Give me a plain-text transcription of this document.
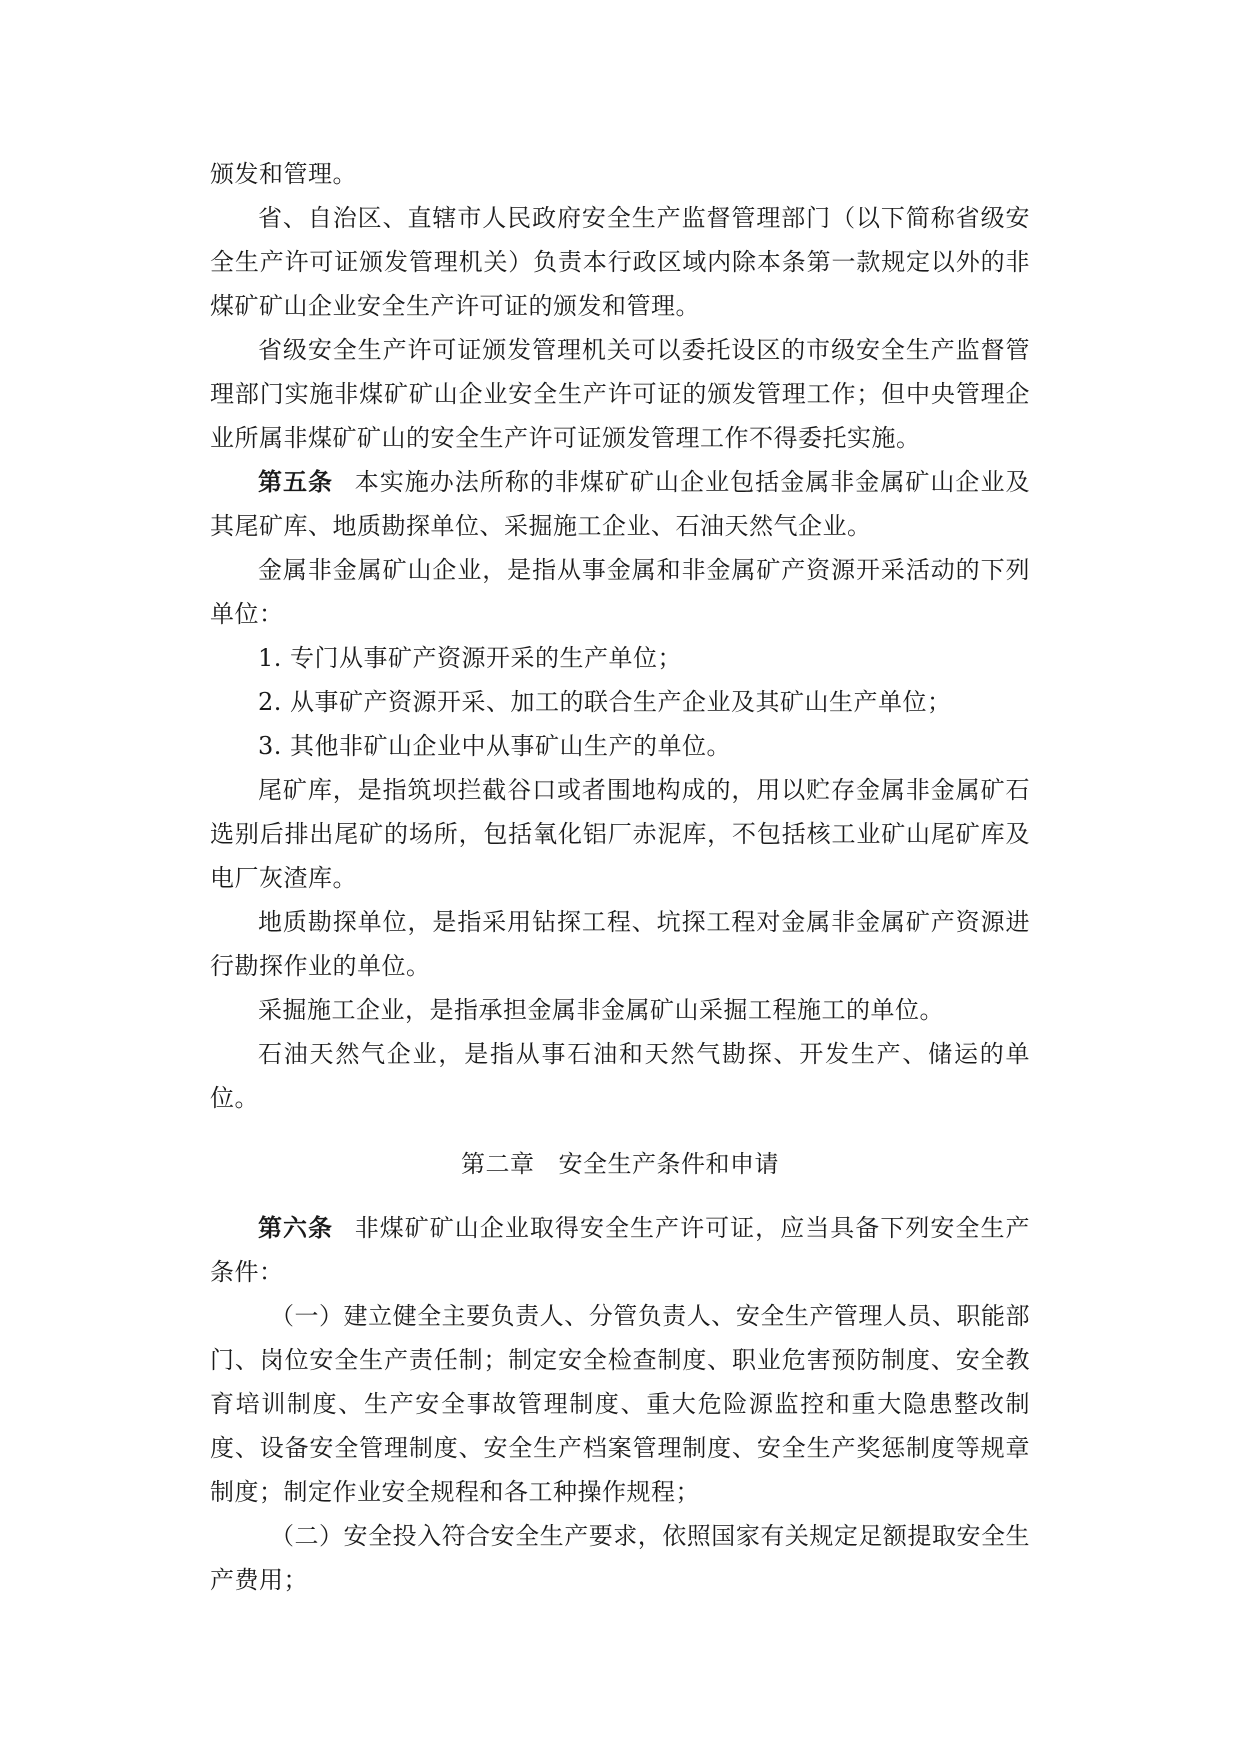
颁发和管理。

省、自治区、直辖市人民政府安全生产监督管理部门（以下简称省级安全生产许可证颁发管理机关）负责本行政区域内除本条第一款规定以外的非煤矿矿山企业安全生产许可证的颁发和管理。

省级安全生产许可证颁发管理机关可以委托设区的市级安全生产监督管理部门实施非煤矿矿山企业安全生产许可证的颁发管理工作；但中央管理企业所属非煤矿矿山的安全生产许可证颁发管理工作不得委托实施。

第五条 本实施办法所称的非煤矿矿山企业包括金属非金属矿山企业及其尾矿库、地质勘探单位、采掘施工企业、石油天然气企业。

金属非金属矿山企业，是指从事金属和非金属矿产资源开采活动的下列单位：

1. 专门从事矿产资源开采的生产单位；

2. 从事矿产资源开采、加工的联合生产企业及其矿山生产单位；

3. 其他非矿山企业中从事矿山生产的单位。

尾矿库，是指筑坝拦截谷口或者围地构成的，用以贮存金属非金属矿石选别后排出尾矿的场所，包括氧化铝厂赤泥库，不包括核工业矿山尾矿库及电厂灰渣库。

地质勘探单位，是指采用钻探工程、坑探工程对金属非金属矿产资源进行勘探作业的单位。

采掘施工企业，是指承担金属非金属矿山采掘工程施工的单位。

石油天然气企业，是指从事石油和天然气勘探、开发生产、储运的单位。

第二章 安全生产条件和申请

第六条 非煤矿矿山企业取得安全生产许可证，应当具备下列安全生产条件：

（一）建立健全主要负责人、分管负责人、安全生产管理人员、职能部门、岗位安全生产责任制；制定安全检查制度、职业危害预防制度、安全教育培训制度、生产安全事故管理制度、重大危险源监控和重大隐患整改制度、设备安全管理制度、安全生产档案管理制度、安全生产奖惩制度等规章制度；制定作业安全规程和各工种操作规程；

（二）安全投入符合安全生产要求，依照国家有关规定足额提取安全生产费用；
